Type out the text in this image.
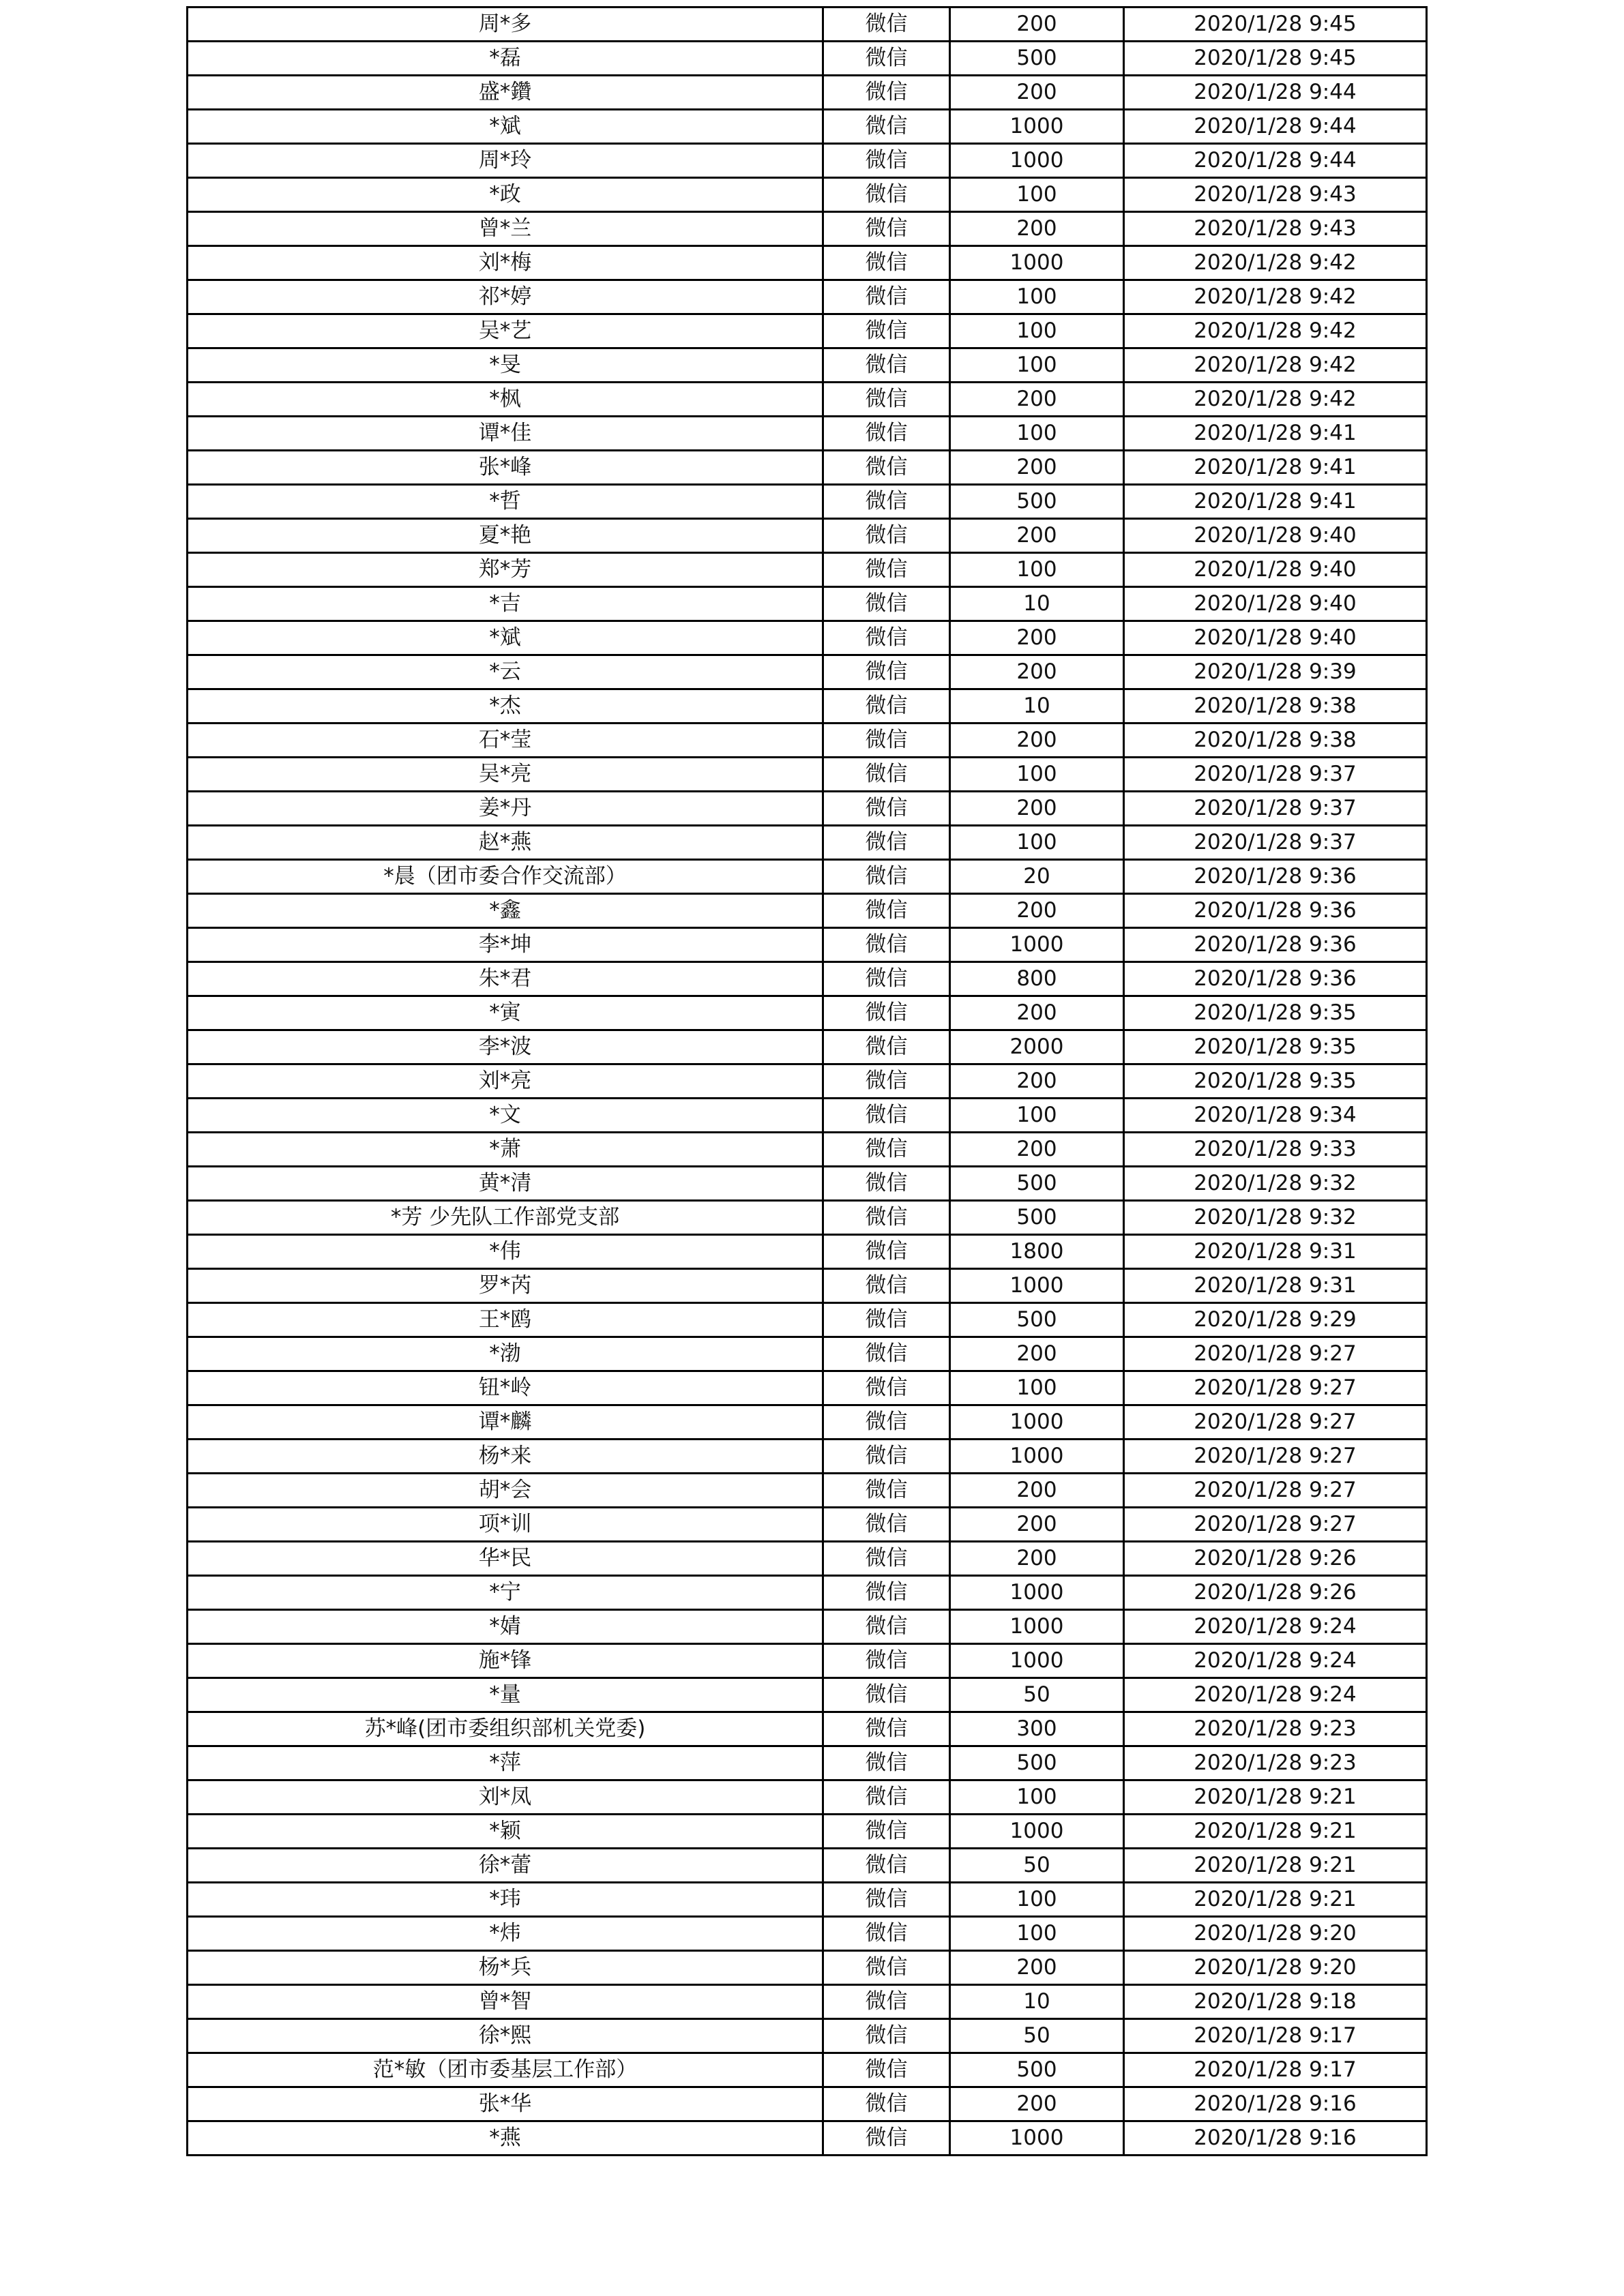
周*多	微信	200	2020/1/28 9:45
*磊	微信	500	2020/1/28 9:45
盛*鑽	微信	200	2020/1/28 9:44
*斌	微信	1000	2020/1/28 9:44
周*玲	微信	1000	2020/1/28 9:44
*政	微信	100	2020/1/28 9:43
曾*兰	微信	200	2020/1/28 9:43
刘*梅	微信	1000	2020/1/28 9:42
祁*婷	微信	100	2020/1/28 9:42
吴*艺	微信	100	2020/1/28 9:42
*旻	微信	100	2020/1/28 9:42
*枫	微信	200	2020/1/28 9:42
谭*佳	微信	100	2020/1/28 9:41
张*峰	微信	200	2020/1/28 9:41
*哲	微信	500	2020/1/28 9:41
夏*艳	微信	200	2020/1/28 9:40
郑*芳	微信	100	2020/1/28 9:40
*吉	微信	10	2020/1/28 9:40
*斌	微信	200	2020/1/28 9:40
*云	微信	200	2020/1/28 9:39
*杰	微信	10	2020/1/28 9:38
石*莹	微信	200	2020/1/28 9:38
吴*亮	微信	100	2020/1/28 9:37
姜*丹	微信	200	2020/1/28 9:37
赵*燕	微信	100	2020/1/28 9:37
*晨（团市委合作交流部）	微信	20	2020/1/28 9:36
*鑫	微信	200	2020/1/28 9:36
李*坤	微信	1000	2020/1/28 9:36
朱*君	微信	800	2020/1/28 9:36
*寅	微信	200	2020/1/28 9:35
李*波	微信	2000	2020/1/28 9:35
刘*亮	微信	200	2020/1/28 9:35
*文	微信	100	2020/1/28 9:34
*萧	微信	200	2020/1/28 9:33
黄*清	微信	500	2020/1/28 9:32
*芳 少先队工作部党支部	微信	500	2020/1/28 9:32
*伟	微信	1800	2020/1/28 9:31
罗*芮	微信	1000	2020/1/28 9:31
王*鸥	微信	500	2020/1/28 9:29
*渤	微信	200	2020/1/28 9:27
钮*岭	微信	100	2020/1/28 9:27
谭*麟	微信	1000	2020/1/28 9:27
杨*来	微信	1000	2020/1/28 9:27
胡*会	微信	200	2020/1/28 9:27
项*训	微信	200	2020/1/28 9:27
华*民	微信	200	2020/1/28 9:26
*宁	微信	1000	2020/1/28 9:26
*婧	微信	1000	2020/1/28 9:24
施*锋	微信	1000	2020/1/28 9:24
*量	微信	50	2020/1/28 9:24
苏*峰(团市委组织部机关党委)	微信	300	2020/1/28 9:23
*萍	微信	500	2020/1/28 9:23
刘*凤	微信	100	2020/1/28 9:21
*颖	微信	1000	2020/1/28 9:21
徐*蕾	微信	50	2020/1/28 9:21
*玮	微信	100	2020/1/28 9:21
*炜	微信	100	2020/1/28 9:20
杨*兵	微信	200	2020/1/28 9:20
曾*智	微信	10	2020/1/28 9:18
徐*熙	微信	50	2020/1/28 9:17
范*敏（团市委基层工作部）	微信	500	2020/1/28 9:17
张*华	微信	200	2020/1/28 9:16
*燕	微信	1000	2020/1/28 9:16
